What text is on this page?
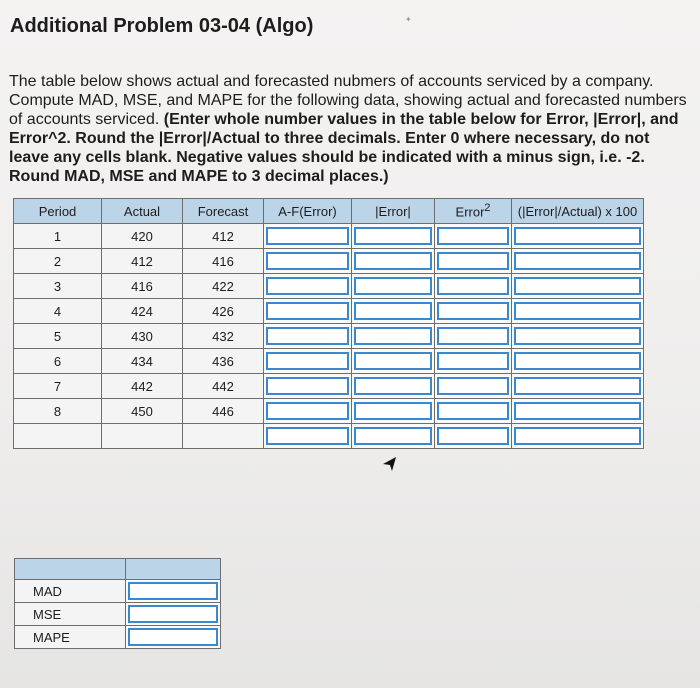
Additional Problem 03-04 (Algo)	✦
The table below shows actual and forecasted nubmers of accounts serviced by a company. Compute MAD, MSE, and MAPE for the following data, showing actual and forecasted numbers of accounts serviced. (Enter whole number values in the table below for Error, |Error|, and Error^2. Round the |Error|/Actual to three decimals. Enter 0 where necessary, do not leave any cells blank. Negative values should be indicated with a minus sign, i.e. -2. Round MAD, MSE and MAPE to 3 decimal places.)
Period	Actual	Forecast	A-F(Error)	|Error|	Error$^2$	(|Error|/Actual) x 100
1	420	412	

2	412	416	

3	416	422	

4	424	426	

5	430	432	

6	434	436	

7	442	442	

8	450	446	

MAD	

MSE	

MAPE	
